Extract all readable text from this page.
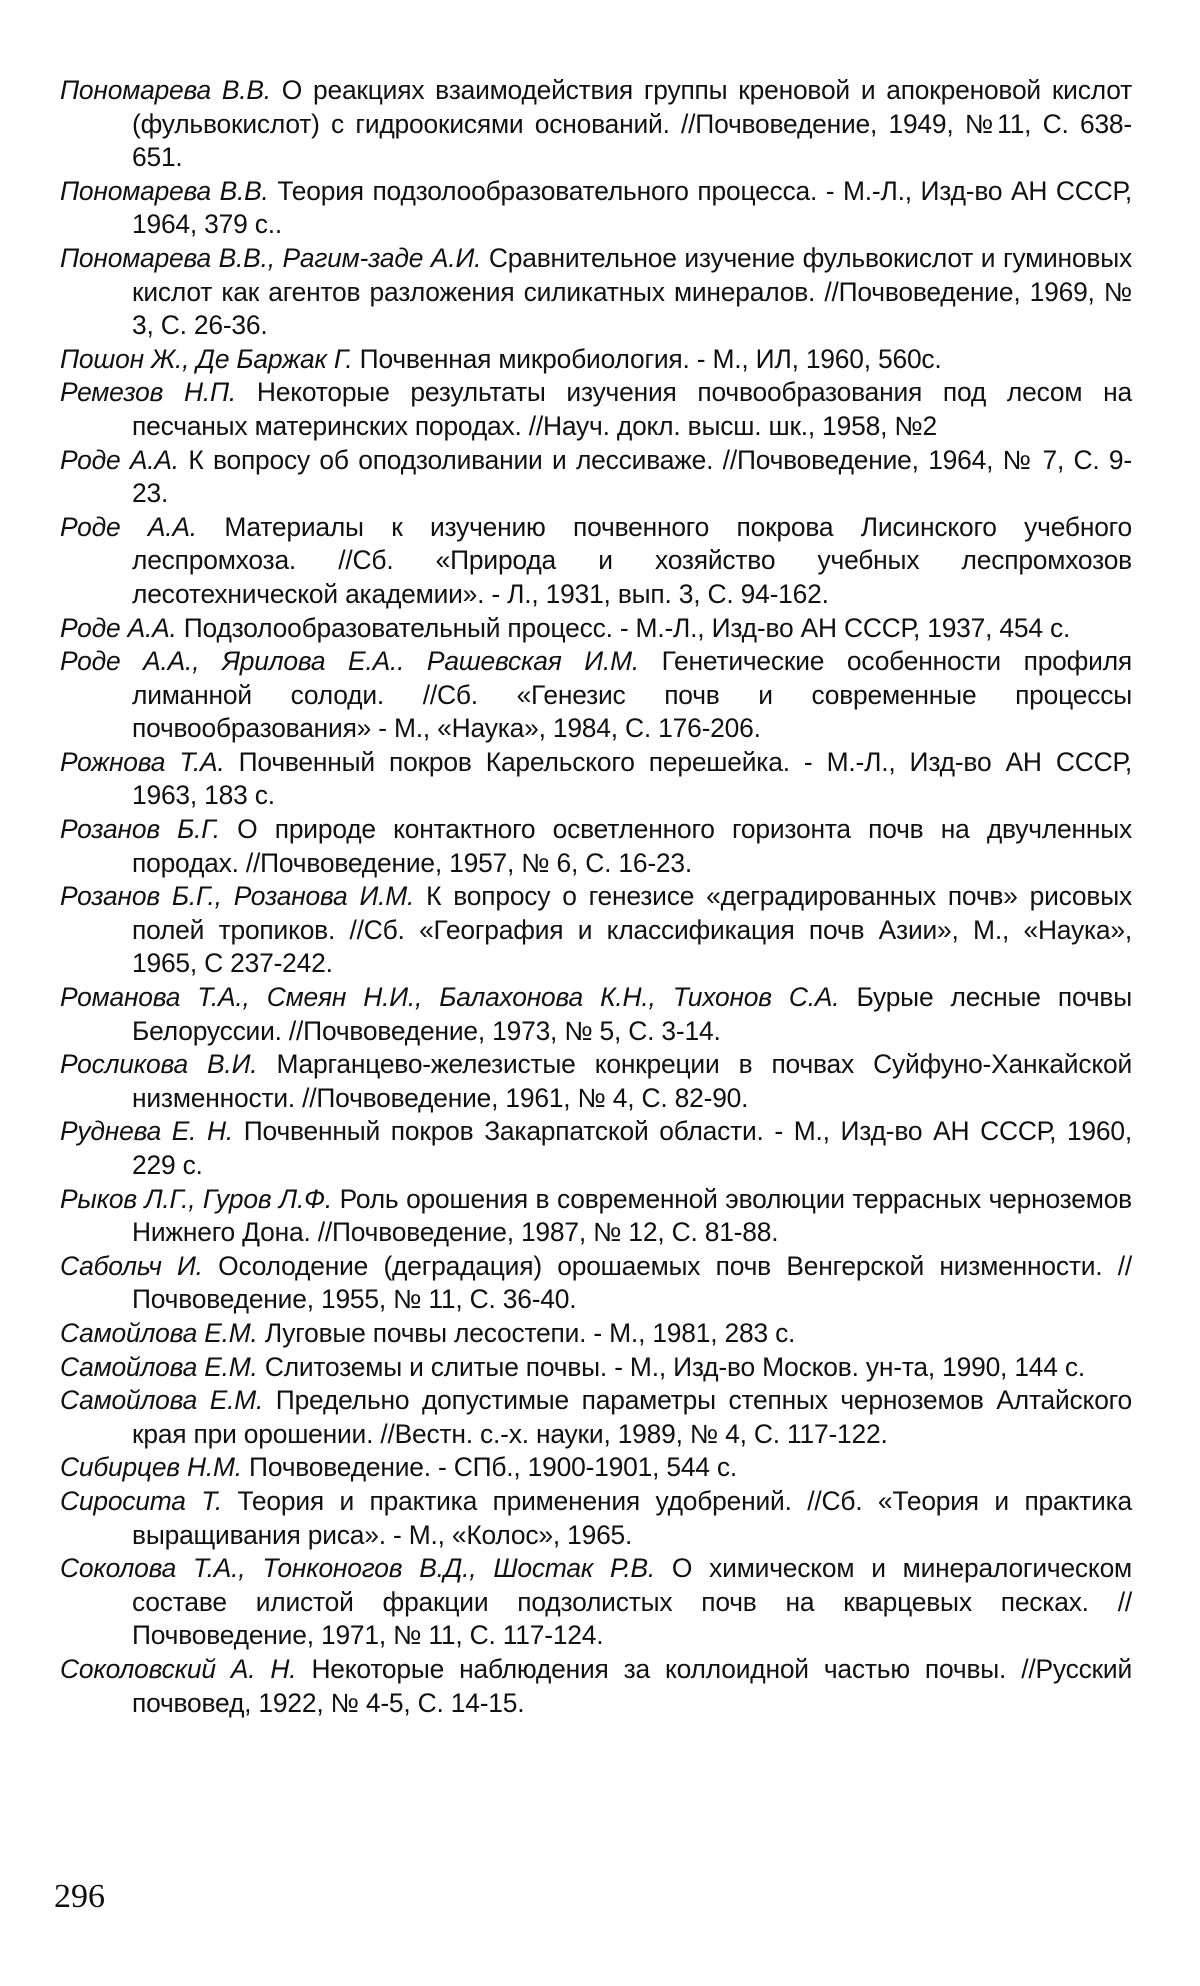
Пономарева В.В. О реакциях взаимодействия группы креновой и апокреновой кислот (фульвокислот) с гидроокисями оснований. //Почвоведение, 1949, №11, С. 638-651.

Пономарева В.В. Теория подзолообразовательного процесса. - М.-Л., Изд-во АН СССР, 1964, 379 с..

Пономарева В.В., Рагим-заде А.И. Сравнительное изучение фульвокислот и гуминовых кислот как агентов разложения силикатных минералов. //Почвоведение, 1969, № 3, С. 26-36.

Пошон Ж., Де Баржак Г. Почвенная микробиология. - М., ИЛ, 1960, 560с.

Ремезов Н.П. Некоторые результаты изучения почвообразования под лесом на песчаных материнских породах. //Науч. докл. высш. шк., 1958, №2

Роде А.А. К вопросу об оподзоливании и лессиваже. //Почвоведение, 1964, № 7, С. 9-23.

Роде А.А. Материалы к изучению почвенного покрова Лисинского учебного леспромхоза. //Сб. «Природа и хозяйство учебных леспромхозов лесотехнической академии». - Л., 1931, вып. 3, С. 94-162.

Роде А.А. Подзолообразовательный процесс. - М.-Л., Изд-во АН СССР, 1937, 454 с.

Роде А.А., Ярилова Е.А.. Рашевская И.М. Генетические особенности профиля лиманной солоди. //Сб. «Генезис почв и современные процессы почвообразования» - М., «Наука», 1984, С. 176-206.

Рожнова Т.А. Почвенный покров Карельского перешейка. - М.-Л., Изд-во АН СССР, 1963, 183 с.

Розанов Б.Г. О природе контактного осветленного горизонта почв на двучленных породах. //Почвоведение, 1957, № 6, С. 16-23.

Розанов Б.Г., Розанова И.М. К вопросу о генезисе «деградированных почв» рисовых полей тропиков. //Сб. «География и классификация почв Азии», М., «Наука», 1965, С 237-242.

Романова Т.А., Смеян Н.И., Балахонова К.Н., Тихонов С.А. Бурые лесные почвы Белоруссии. //Почвоведение, 1973, № 5, С. 3-14.

Росликова В.И. Марганцево-железистые конкреции в почвах Суйфуно-Ханкайской низменности. //Почвоведение, 1961, № 4, С. 82-90.

Руднева Е. Н. Почвенный покров Закарпатской области. - М., Изд-во АН СССР, 1960, 229 с.

Рыков Л.Г., Гуров Л.Ф. Роль орошения в современной эволюции террасных черноземов Нижнего Дона. //Почвоведение, 1987, № 12, С. 81-88.

Сабольч И. Осолодение (деградация) орошаемых почв Венгерской низменности. //Почвоведение, 1955, № 11, С. 36-40.

Самойлова Е.М. Луговые почвы лесостепи. - М., 1981, 283 с.

Самойлова Е.М. Слитоземы и слитые почвы. - М., Изд-во Москов. ун-та, 1990, 144 с.

Самойлова Е.М. Предельно допустимые параметры степных черноземов Алтайского края при орошении. //Вестн. с.-х. науки, 1989, № 4, С. 117-122.

Сибирцев Н.М. Почвоведение. - СПб., 1900-1901, 544 с.

Сиросита Т. Теория и практика применения удобрений. //Сб. «Теория и практика выращивания риса». - М., «Колос», 1965.

Соколова Т.А., Тонконогов В.Д., Шостак Р.В. О химическом и минералогическом составе илистой фракции подзолистых почв на кварцевых песках. //Почвоведение, 1971, № 11, С. 117-124.

Соколовский А. Н. Некоторые наблюдения за коллоидной частью почвы. //Русский почвовед, 1922, № 4-5, С. 14-15.

296
